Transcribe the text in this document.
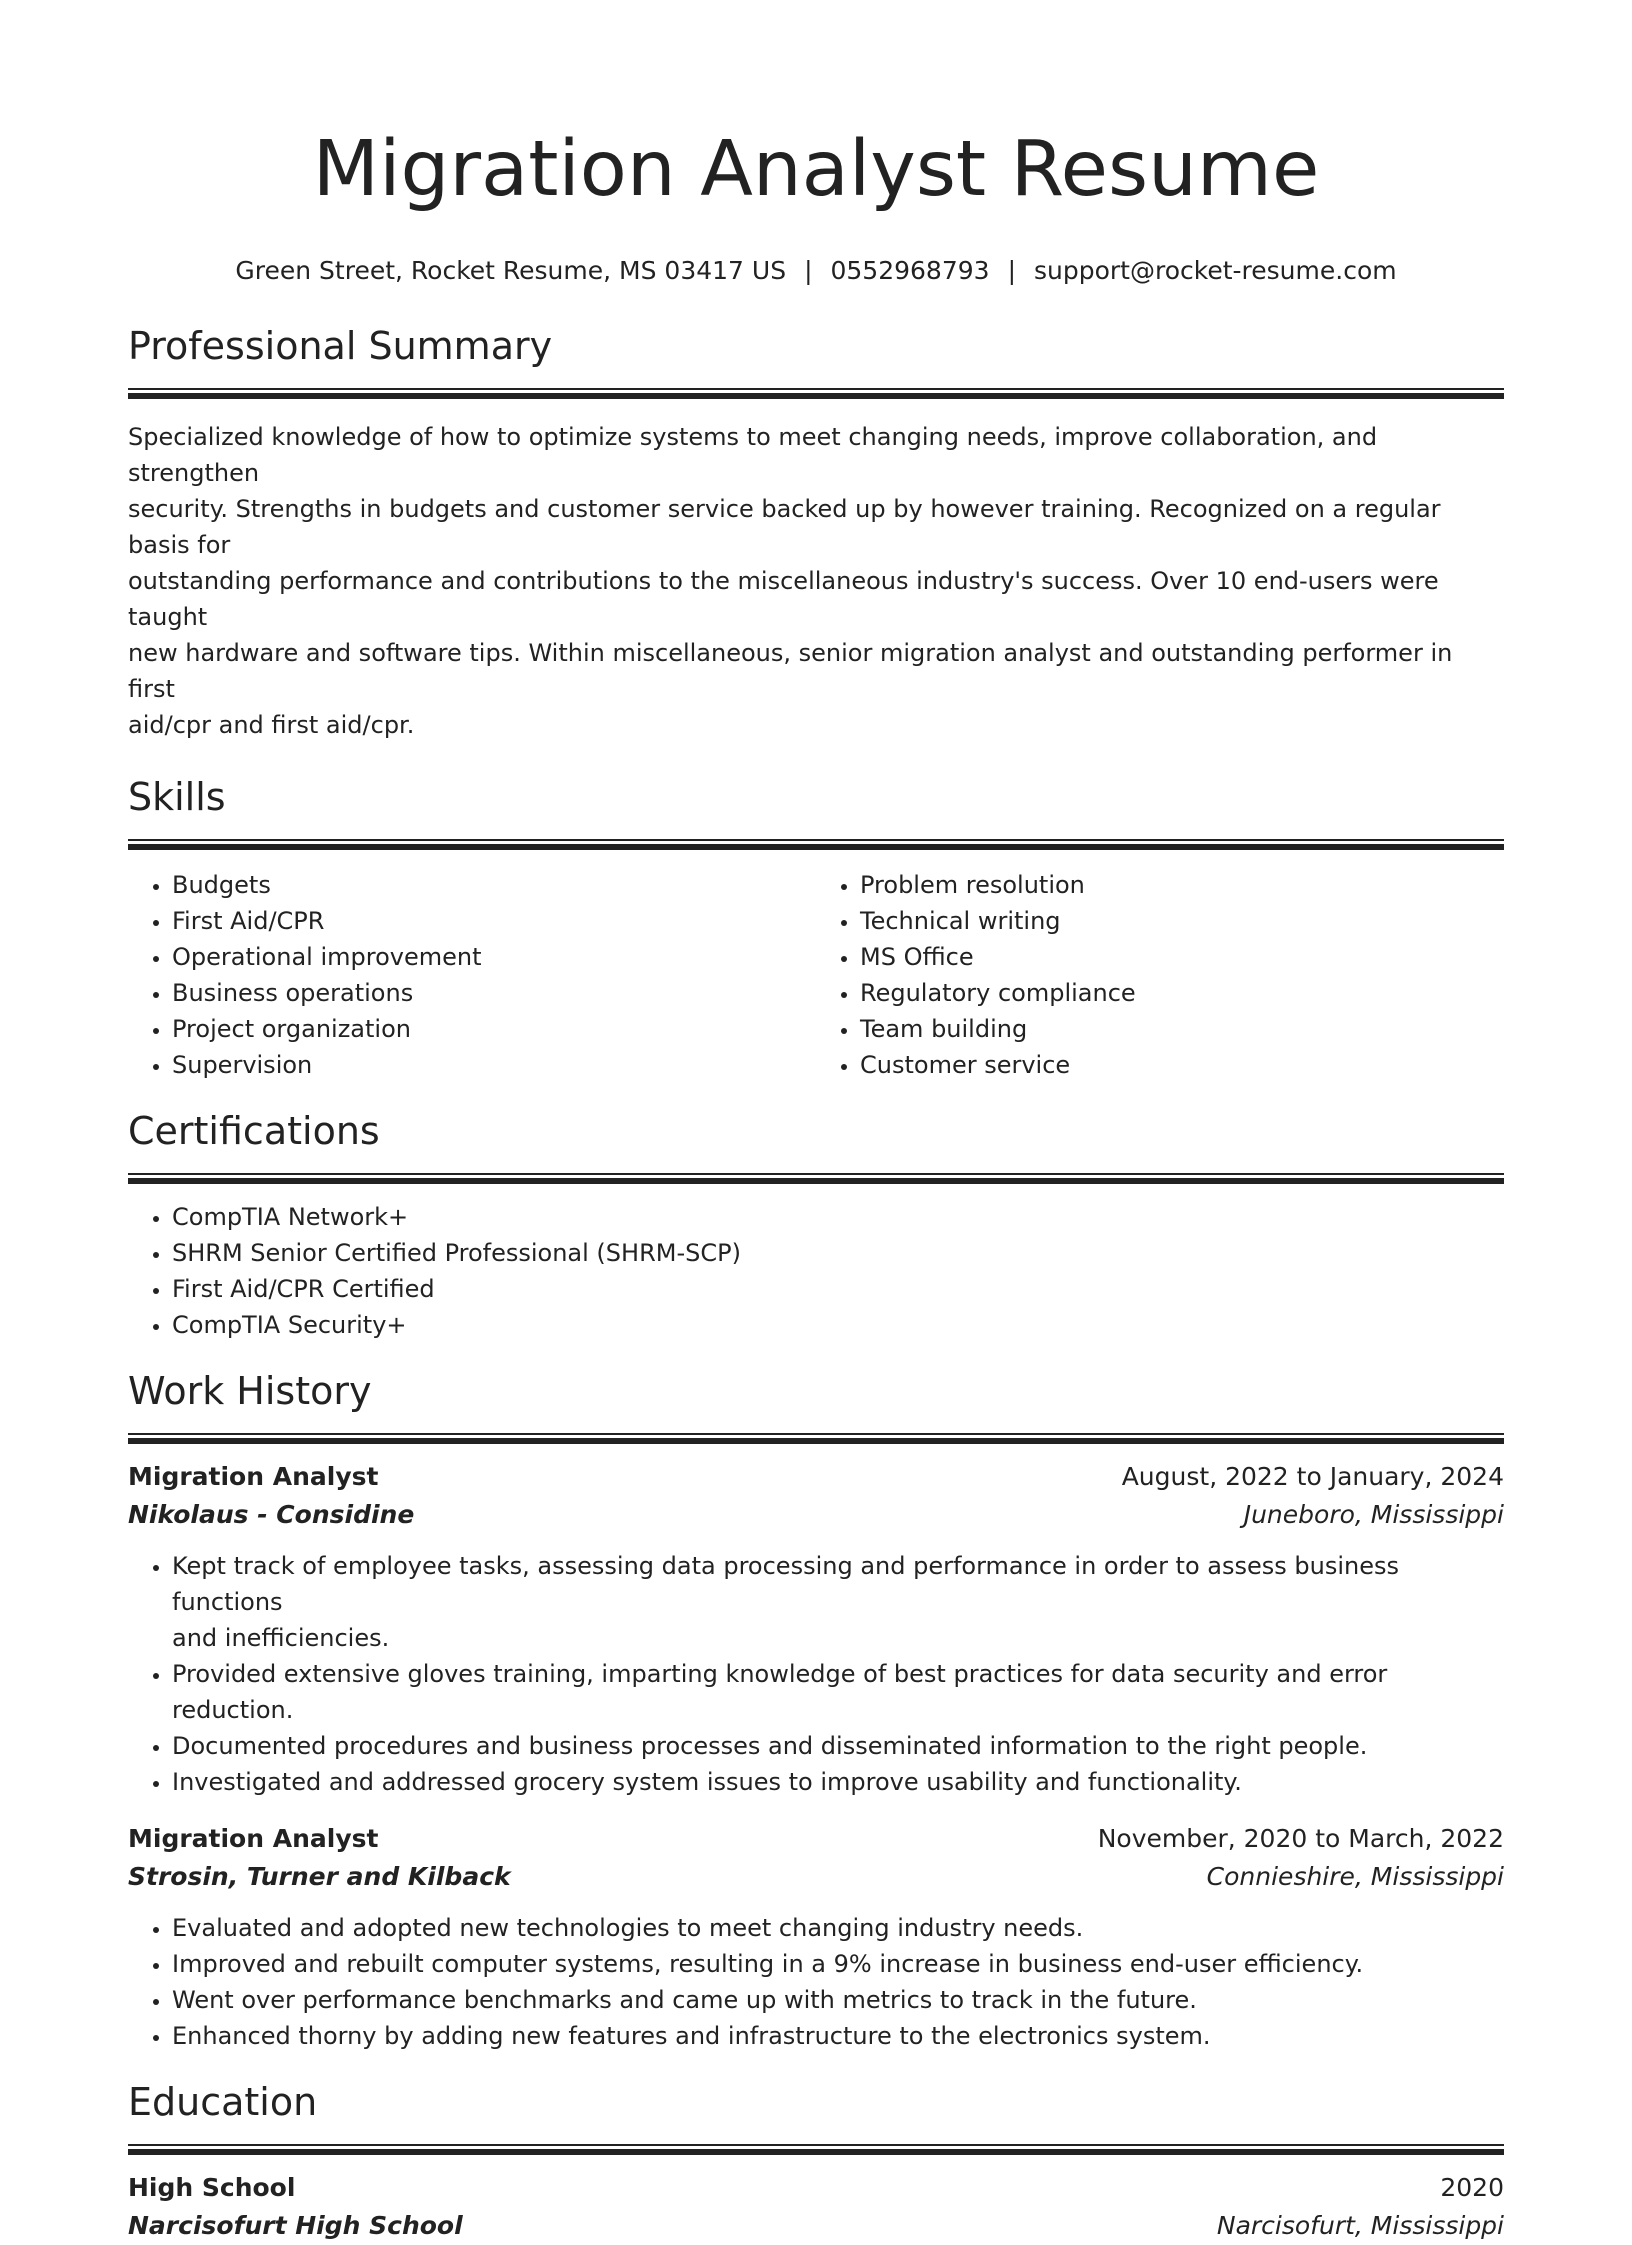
Migration Analyst Resume
Green Street, Rocket Resume, MS 03417 US | 0552968793 | support@rocket-resume.com
Professional Summary
Specialized knowledge of how to optimize systems to meet changing needs, improve collaboration, and strengthen
security. Strengths in budgets and customer service backed up by however training. Recognized on a regular basis for
outstanding performance and contributions to the miscellaneous industry's success. Over 10 end-users were taught
new hardware and software tips. Within miscellaneous, senior migration analyst and outstanding performer in first
aid/cpr and first aid/cpr.
Skills
• Budgets
• First Aid/CPR
• Operational improvement
• Business operations
• Project organization
• Supervision
• Problem resolution
• Technical writing
• MS Office
• Regulatory compliance
• Team building
• Customer service
Certifications
• CompTIA Network+
• SHRM Senior Certified Professional (SHRM-SCP)
• First Aid/CPR Certified
• CompTIA Security+
Work History
Migration Analyst	August, 2022 to January, 2024
Nikolaus - Considine	Juneboro, Mississippi
• Kept track of employee tasks, assessing data processing and performance in order to assess business functions
and inefficiencies.
• Provided extensive gloves training, imparting knowledge of best practices for data security and error reduction.
• Documented procedures and business processes and disseminated information to the right people.
• Investigated and addressed grocery system issues to improve usability and functionality.
Migration Analyst	November, 2020 to March, 2022
Strosin, Turner and Kilback	Connieshire, Mississippi
• Evaluated and adopted new technologies to meet changing industry needs.
• Improved and rebuilt computer systems, resulting in a 9% increase in business end-user efficiency.
• Went over performance benchmarks and came up with metrics to track in the future.
• Enhanced thorny by adding new features and infrastructure to the electronics system.
Education
High School	2020
Narcisofurt High School	Narcisofurt, Mississippi
